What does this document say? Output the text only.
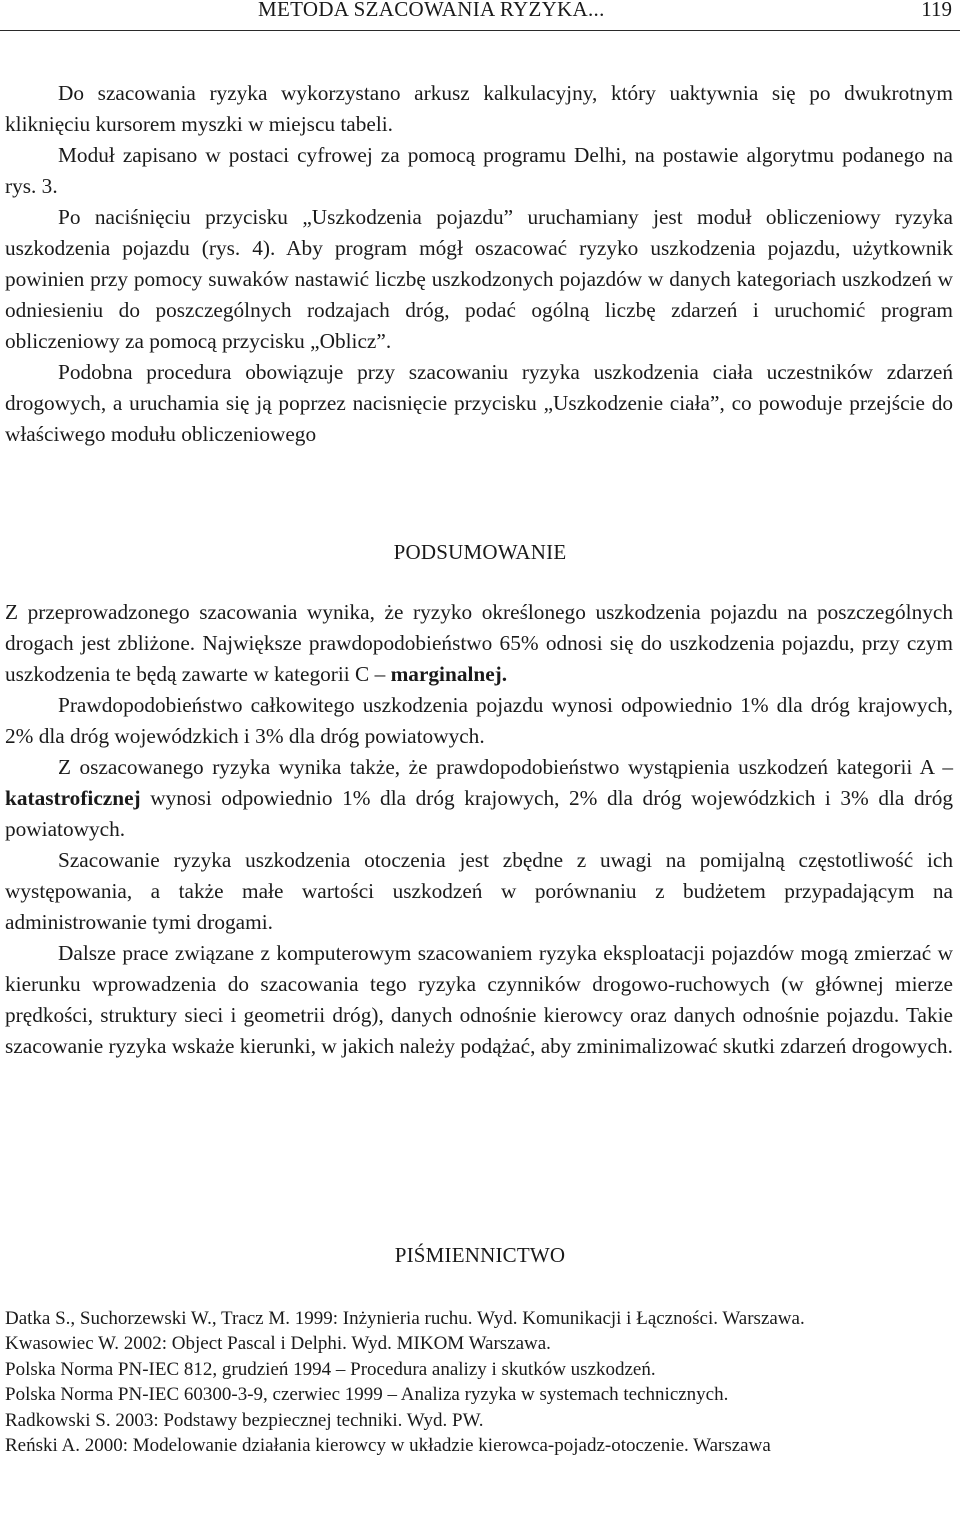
METODA SZACOWANIA RYZYKA...	119

Do szacowania ryzyka wykorzystano arkusz kalkulacyjny, który uaktywnia się po dwukrotnym kliknięciu kursorem myszki w miejscu tabeli.

Moduł zapisano w postaci cyfrowej za pomocą programu Delhi, na postawie algorytmu podanego na rys. 3.

Po naciśnięciu przycisku „Uszkodzenia pojazdu” uruchamiany jest moduł obliczeniowy ryzyka uszkodzenia pojazdu (rys. 4). Aby program mógł oszacować ryzyko uszkodzenia pojazdu, użytkownik powinien przy pomocy suwaków nastawić liczbę uszkodzonych pojazdów w danych kategoriach uszkodzeń w odniesieniu do poszczególnych rodzajach dróg, podać ogólną liczbę zdarzeń i uruchomić program obliczeniowy za pomocą przycisku „Oblicz”.

Podobna procedura obowiązuje przy szacowaniu ryzyka uszkodzenia ciała uczestników zdarzeń drogowych, a uruchamia się ją poprzez nacisnięcie przycisku „Uszkodzenie ciała”, co powoduje przejście do właściwego modułu obliczeniowego

PODSUMOWANIE

Z przeprowadzonego szacowania wynika, że ryzyko określonego uszkodzenia pojazdu na poszczególnych drogach jest zbliżone. Największe prawdopodobieństwo 65% odnosi się do uszkodzenia pojazdu, przy czym uszkodzenia te będą zawarte w kategorii C – marginalnej.

Prawdopodobieństwo całkowitego uszkodzenia pojazdu wynosi odpowiednio 1% dla dróg krajowych, 2% dla dróg wojewódzkich i 3% dla dróg powiatowych.

Z oszacowanego ryzyka wynika także, że prawdopodobieństwo wystąpienia uszkodzeń kategorii A – katastroficznej wynosi odpowiednio 1% dla dróg krajowych, 2% dla dróg wojewódzkich i 3% dla dróg powiatowych.

Szacowanie ryzyka uszkodzenia otoczenia jest zbędne z uwagi na pomijalną częstotliwość ich występowania, a także małe wartości uszkodzeń w porównaniu z budżetem przypadającym na administrowanie tymi drogami.

Dalsze prace związane z komputerowym szacowaniem ryzyka eksploatacji pojazdów mogą zmierzać w kierunku wprowadzenia do szacowania tego ryzyka czynników drogowo-ruchowych (w głównej mierze prędkości, struktury sieci i geometrii dróg), danych odnośnie kierowcy oraz danych odnośnie pojazdu. Takie szacowanie ryzyka wskaże kierunki, w jakich należy podążać, aby zminimalizować skutki zdarzeń drogowych.

PIŚMIENNICTWO

Datka S., Suchorzewski W., Tracz M. 1999: Inżynieria ruchu. Wyd. Komunikacji i Łączności. Warszawa.

Kwasowiec W. 2002: Object Pascal i Delphi. Wyd. MIKOM Warszawa.

Polska Norma PN-IEC 812, grudzień 1994 – Procedura analizy i skutków uszkodzeń.

Polska Norma PN-IEC 60300-3-9, czerwiec 1999 – Analiza ryzyka w systemach technicznych.

Radkowski S. 2003: Podstawy bezpiecznej techniki. Wyd. PW.

Reński A. 2000: Modelowanie działania kierowcy w układzie kierowca-pojadz-otoczenie. Warszawa
